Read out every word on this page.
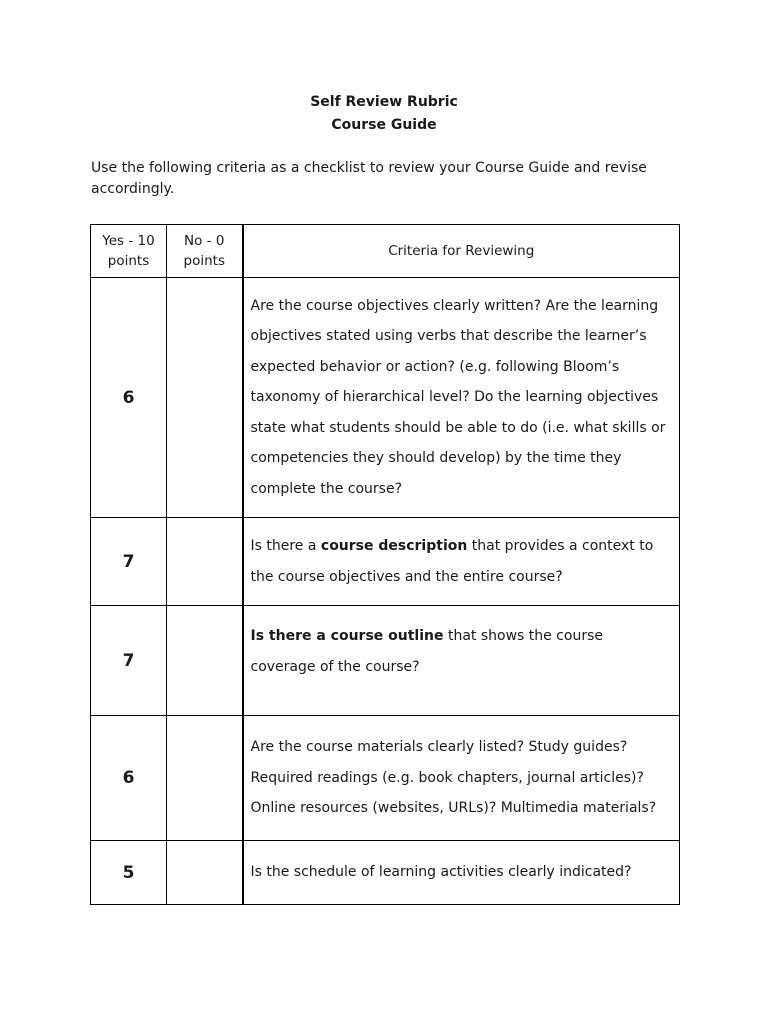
Self Review Rubric
Course Guide
Use the following criteria as a checklist to review your Course Guide and revise accordingly.
Yes - 10 points	No - 0 points	Criteria for Reviewing
6		Are the course objectives clearly written? Are the learning objectives stated using verbs that describe the learner’s expected behavior or action? (e.g. following Bloom’s taxonomy of hierarchical level? Do the learning objectives state what students should be able to do (i.e. what skills or competencies they should develop) by the time they complete the course?
7		Is there a course description that provides a context to the course objectives and the entire course?
7		Is there a course outline that shows the course coverage of the course?
6		Are the course materials clearly listed? Study guides? Required readings (e.g. book chapters, journal articles)? Online resources (websites, URLs)? Multimedia materials?
5		Is the schedule of learning activities clearly indicated?
